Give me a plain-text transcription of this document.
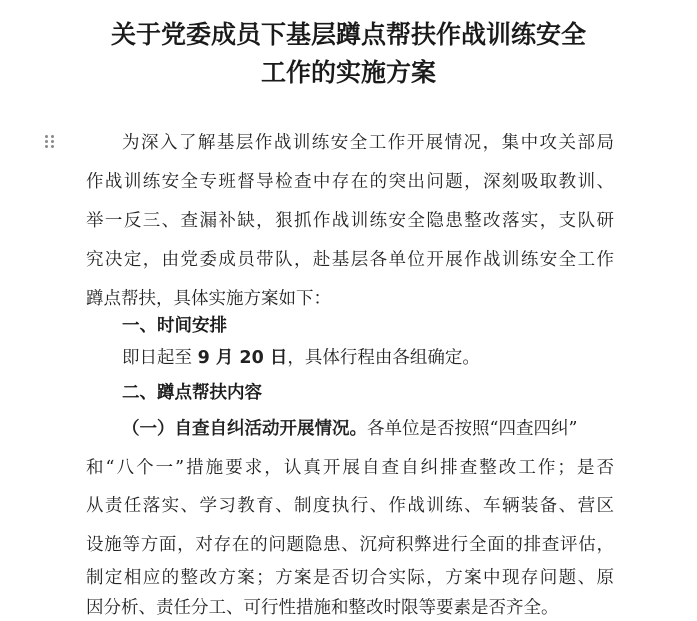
关于党委成员下基层蹲点帮扶作战训练安全
工作的实施方案
为深入了解基层作战训练安全工作开展情况，集中攻关部局
作战训练安全专班督导检查中存在的突出问题，深刻吸取教训、
举一反三、查漏补缺，狠抓作战训练安全隐患整改落实，支队研
究决定，由党委成员带队，赴基层各单位开展作战训练安全工作
蹲点帮扶，具体实施方案如下：
一、时间安排
即日起至 9 月 20 日，具体行程由各组确定。
二、蹲点帮扶内容
（一）自查自纠活动开展情况。各单位是否按照“四查四纠”
和“八个一”措施要求，认真开展自查自纠排查整改工作；是否
从责任落实、学习教育、制度执行、作战训练、车辆装备、营区
设施等方面，对存在的问题隐患、沉疴积弊进行全面的排查评估，
制定相应的整改方案；方案是否切合实际，方案中现存问题、原
因分析、责任分工、可行性措施和整改时限等要素是否齐全。
